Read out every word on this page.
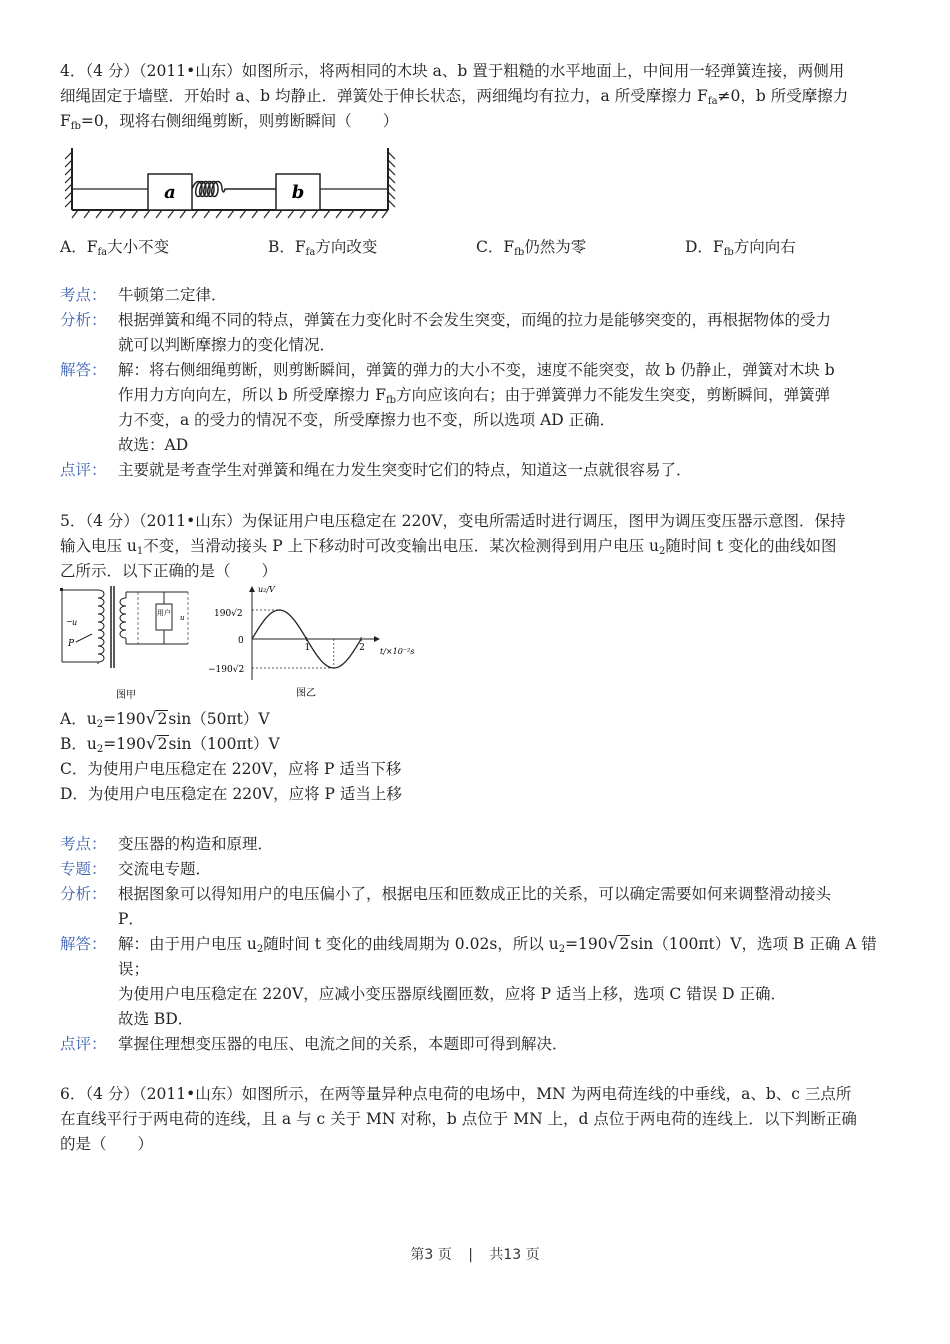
4．（4 分）（2011•山东）如图所示，将两相同的木块 a、b 置于粗糙的水平地面上，中间用一轻弹簧连接，两侧用
细绳固定于墙壁．开始时 a、b 均静止．弹簧处于伸长状态，两细绳均有拉力，a 所受摩擦力 $F_{fa}\ne 0$，b 所受摩擦力
$F_{fb}=0$，现将右侧细绳剪断，则剪断瞬间（　　）
a	b
A．$F_{fa}$大小不变	B．$F_{fa}$方向改变	C．$F_{fb}$仍然为零	D．$F_{fb}$方向向右
考点： 牛顿第二定律．
分析： 根据弹簧和绳不同的特点，弹簧在力变化时不会发生突变，而绳的拉力是能够突变的，再根据物体的受力
就可以判断摩擦力的变化情况．
解答： 解：将右侧细绳剪断，则剪断瞬间，弹簧的弹力的大小不变，速度不能突变，故 b 仍静止，弹簧对木块 b
作用力方向向左，所以 b 所受摩擦力 $F_{fb}$方向应该向右；由于弹簧弹力不能发生突变，剪断瞬间，弹簧弹
力不变，a 的受力的情况不变，所受摩擦力也不变，所以选项 AD 正确．
故选：AD
点评： 主要就是考查学生对弹簧和绳在力发生突变时它们的特点，知道这一点就很容易了．
5．（4 分）（2011•山东）为保证用户电压稳定在 220V，变电所需适时进行调压，图甲为调压变压器示意图．保持
输入电压 $u_1$不变，当滑动接头 P 上下移动时可改变输出电压．某次检测得到用户电压 $u_2$随时间 t 变化的曲线如图
乙所示．以下正确的是（　　）
~ u
P
用户
u
图甲
u₂/V
190√2
−190√2
0
t/×10⁻²s
1	2
图乙
A．$u_2=190√2\sin(50\pi t)V$
B．$u_2=190√2\sin(100\pi t)V$
C．为使用户电压稳定在 220V，应将 P 适当下移
D．为使用户电压稳定在 220V，应将 P 适当上移
考点： 变压器的构造和原理．
专题： 交流电专题．
分析： 根据图象可以得知用户的电压偏小了，根据电压和匝数成正比的关系，可以确定需要如何来调整滑动接头
P．
解答： 解：由于用户电压 $u_2$随时间 t 变化的曲线周期为 0.02s，所以 $u_2=190√2\sin(100\pi t)V$，选项 B 正确 A 错
误；
为使用户电压稳定在 220V，应减小变压器原线圈匝数，应将 P 适当上移，选项 C 错误 D 正确．
故选 BD．
点评： 掌握住理想变压器的电压、电流之间的关系，本题即可得到解决．
6．（4 分）（2011•山东）如图所示，在两等量异种点电荷的电场中，MN 为两电荷连线的中垂线，a、b、c 三点所
在直线平行于两电荷的连线，且 a 与 c 关于 MN 对称，b 点位于 MN 上，d 点位于两电荷的连线上．以下判断正确
的是（　　）
第3 页 | 共13 页
